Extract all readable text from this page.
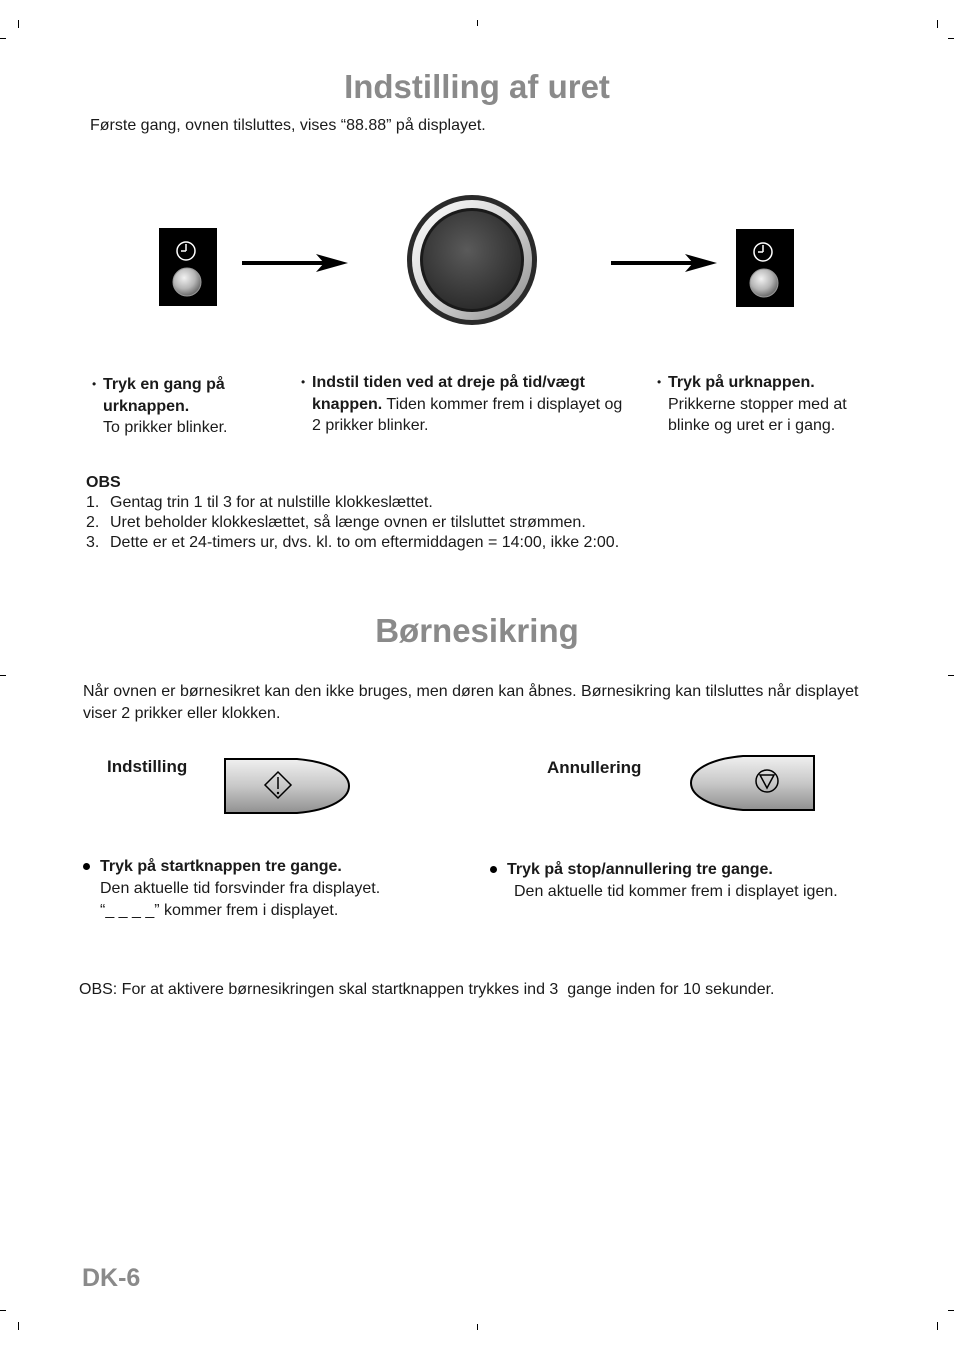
Indstilling af uret

Første gang, ovnen tilsluttes, vises “88.88” på displayet.

• Tryk en gang på urknappen.
To prikker blinker.
• Indstil tiden ved at dreje på tid/vægt knappen. Tiden kommer frem i displayet og 2 prikker blinker.
• Tryk på urknappen.
Prikkerne stopper med at blinke og uret er i gang.
OBS

1. Gentag trin 1 til 3 for at nulstille klokkeslættet.
2. Uret beholder klokkeslættet, så længe ovnen er tilsluttet strømmen.
3. Dette er et 24-timers ur, dvs. kl. to om eftermiddagen = 14:00, ikke 2:00.
Børnesikring

Når ovnen er børnesikret kan den ikke bruges, men døren kan åbnes. Børnesikring kan tilsluttes når displayet viser 2 prikker eller klokken.

Indstilling	Annullering
Tryk på startknappen tre gange.
Den aktuelle tid forsvinder fra displayet.
“_ _ _ _” kommer frem i displayet.
Tryk på stop/annullering tre gange.
Den aktuelle tid kommer frem i displayet igen.

OBS: For at aktivere børnesikringen skal startknappen trykkes ind 3  gange inden for 10 sekunder.

DK-6
